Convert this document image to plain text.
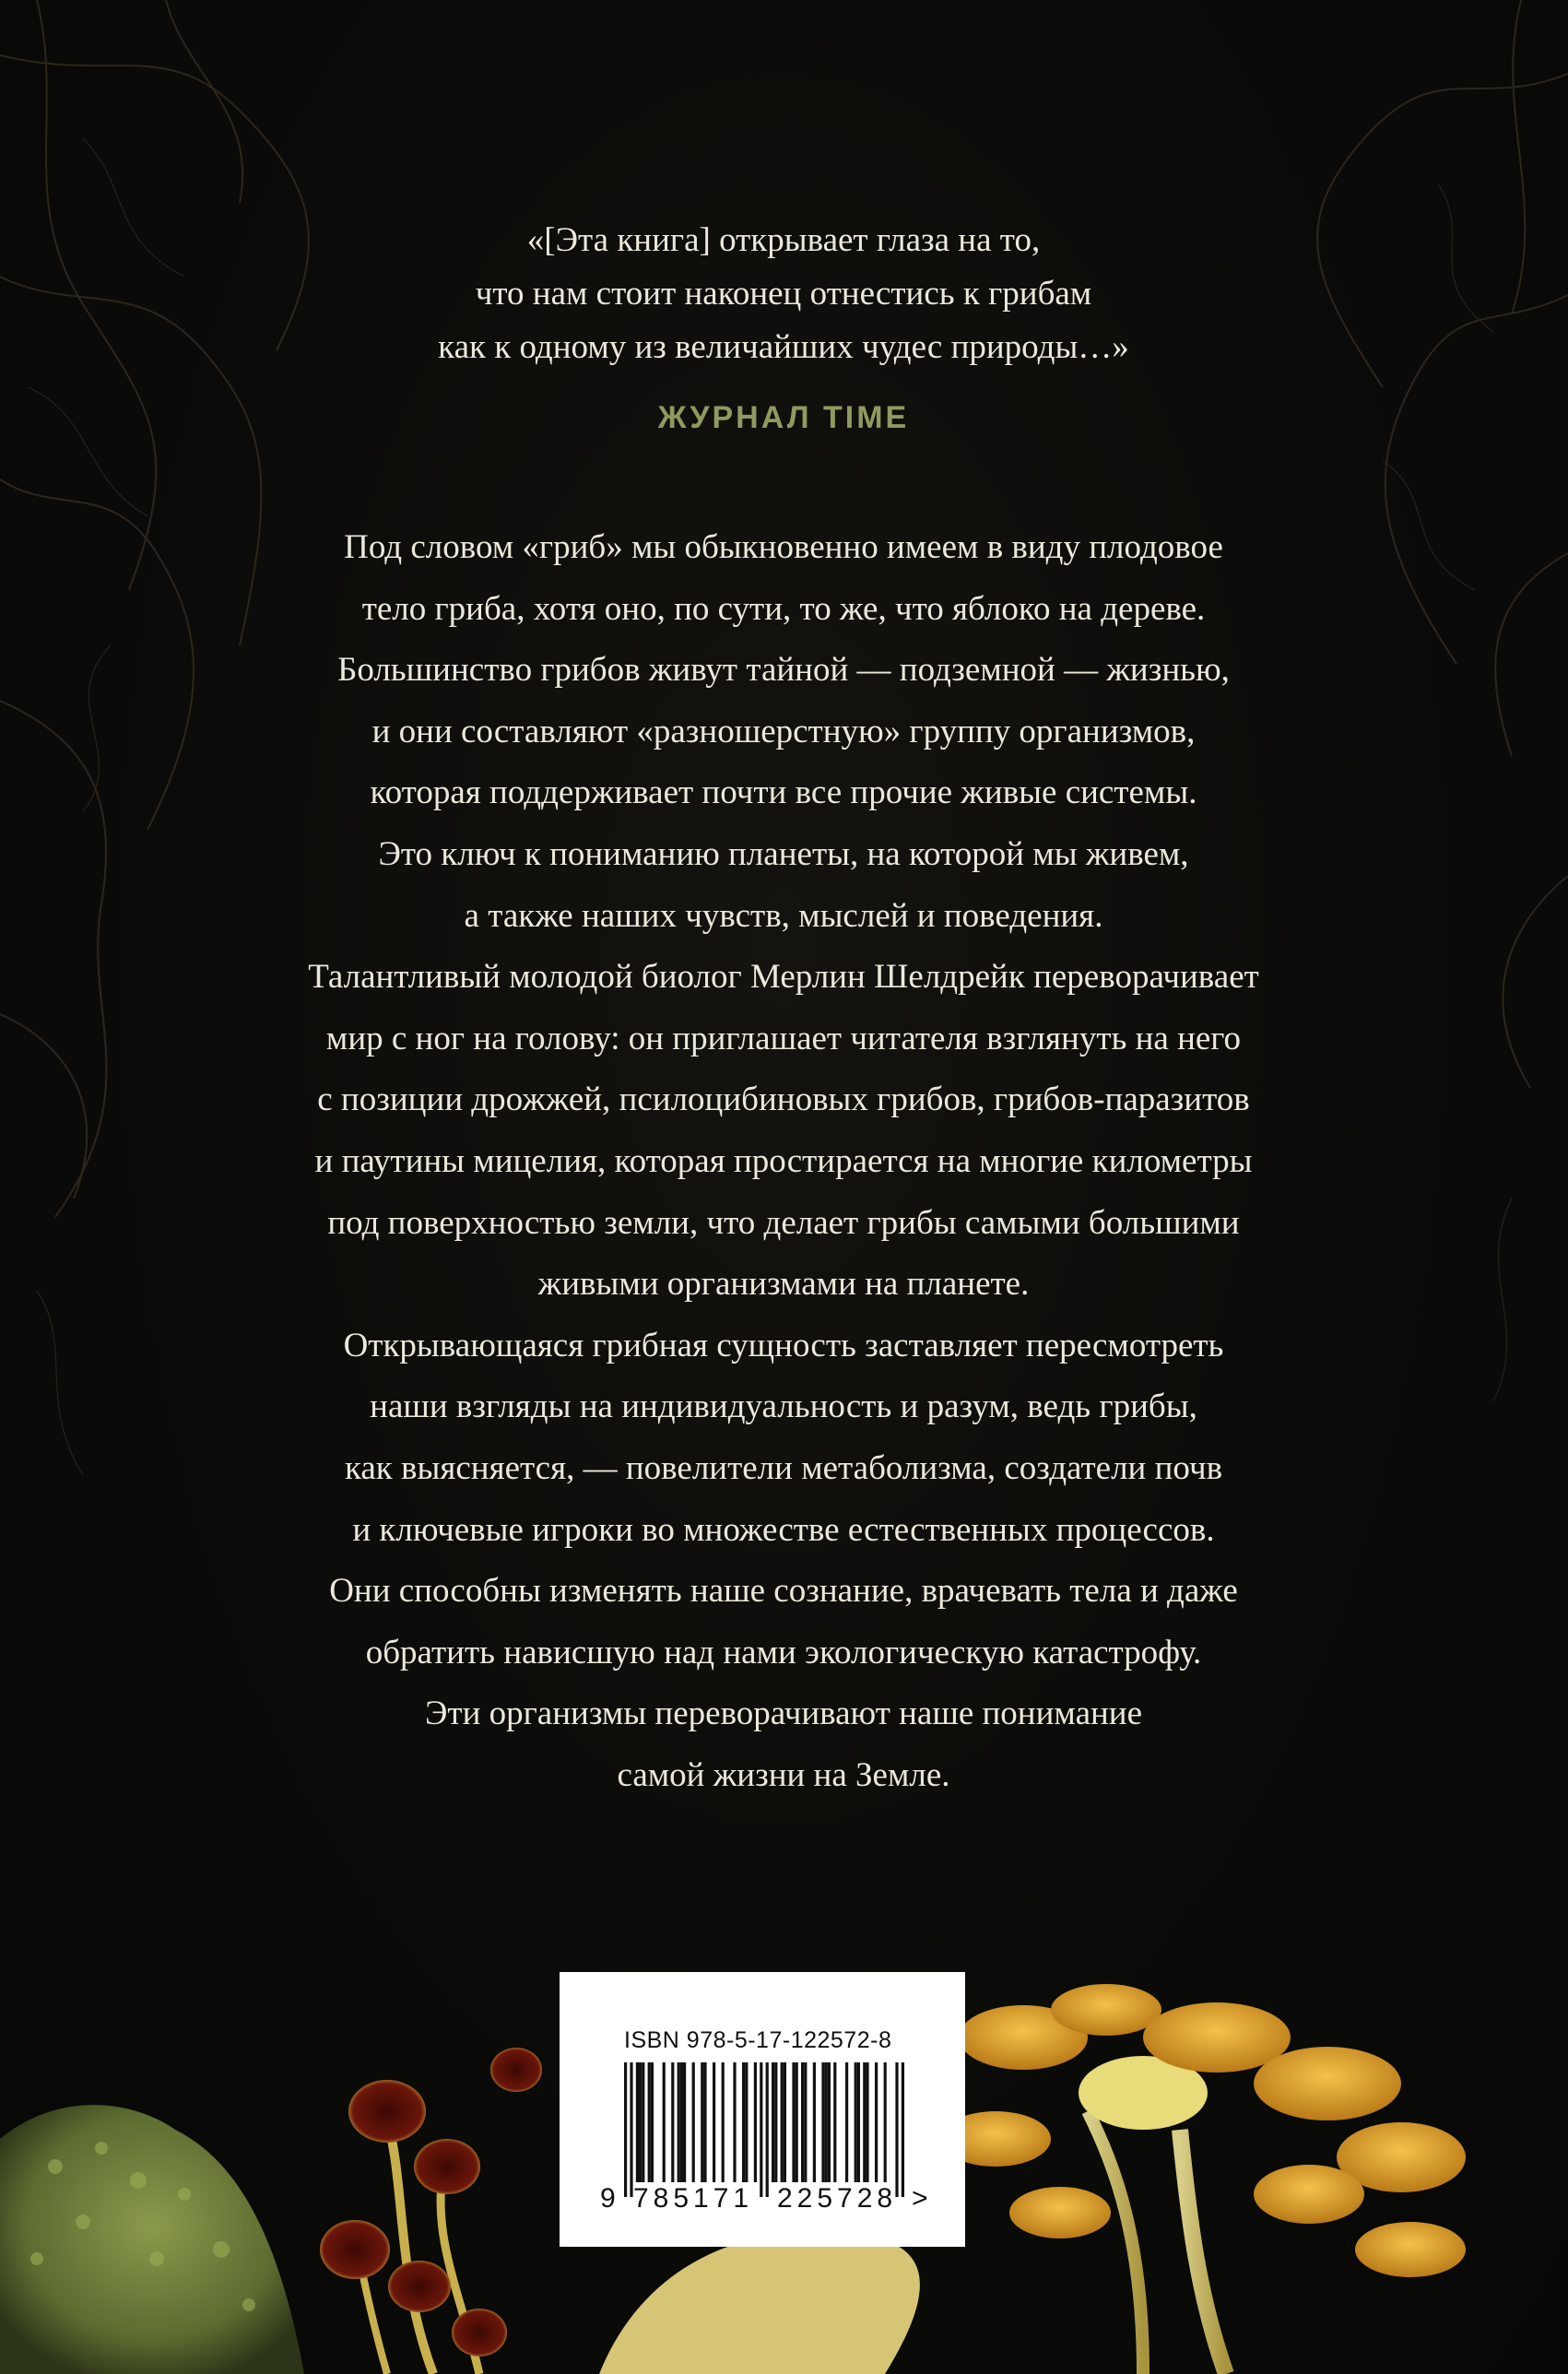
«[Эта книга] открывает глаза на то,
что нам стоит наконец отнестись к грибам
как к одному из величайших чудес природы…»
ЖУРНАЛ TIME
Под словом «гриб» мы обыкновенно имеем в виду плодовое
тело гриба, хотя оно, по сути, то же, что яблоко на дереве.
Большинство грибов живут тайной — подземной — жизнью,
и они составляют «разношерстную» группу организмов,
которая поддерживает почти все прочие живые системы.
Это ключ к пониманию планеты, на которой мы живем,
а также наших чувств, мыслей и поведения.
Талантливый молодой биолог Мерлин Шелдрейк переворачивает
мир с ног на голову: он приглашает читателя взглянуть на него
с позиции дрожжей, псилоцибиновых грибов, грибов-паразитов
и паутины мицелия, которая простирается на многие километры
под поверхностью земли, что делает грибы самыми большими
живыми организмами на планете.
Открывающаяся грибная сущность заставляет пересмотреть
наши взгляды на индивидуальность и разум, ведь грибы,
как выясняется, — повелители метаболизма, создатели почв
и ключевые игроки во множестве естественных процессов.
Они способны изменять наше сознание, врачевать тела и даже
обратить нависшую над нами экологическую катастрофу.
Эти организмы переворачивают наше понимание
самой жизни на Земле.
ISBN 978-5-17-122572-8
9 785171 225728 >
